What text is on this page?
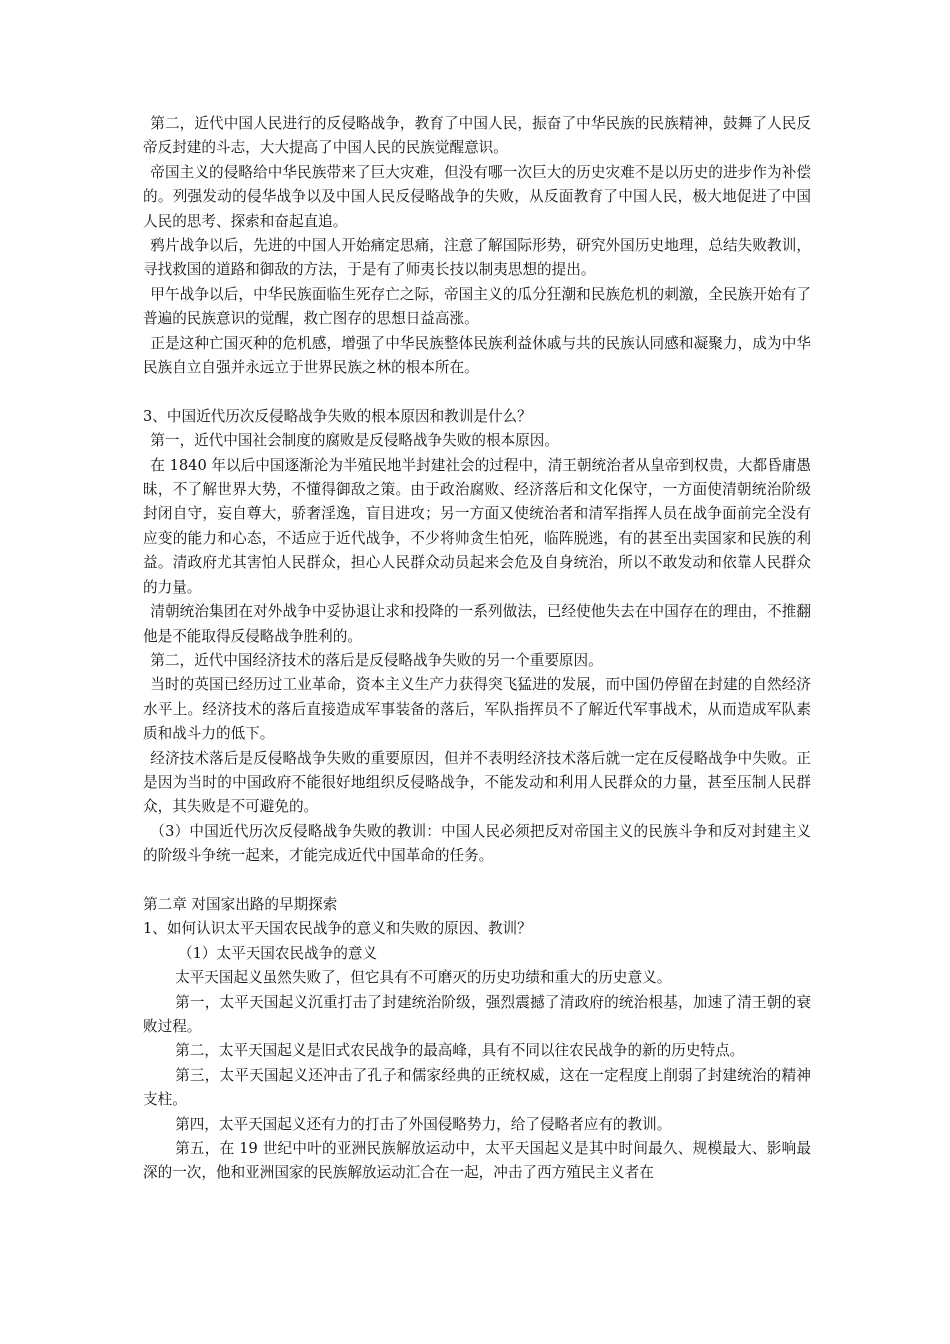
第二，近代中国人民进行的反侵略战争，教育了中国人民，振奋了中华民族的民族精神，鼓舞了人民反帝反封建的斗志，大大提高了中国人民的民族觉醒意识。

帝国主义的侵略给中华民族带来了巨大灾难，但没有哪一次巨大的历史灾难不是以历史的进步作为补偿的。列强发动的侵华战争以及中国人民反侵略战争的失败，从反面教育了中国人民，极大地促进了中国人民的思考、探索和奋起直追。

鸦片战争以后，先进的中国人开始痛定思痛，注意了解国际形势，研究外国历史地理，总结失败教训，寻找救国的道路和御敌的方法，于是有了师夷长技以制夷思想的提出。

甲午战争以后，中华民族面临生死存亡之际，帝国主义的瓜分狂潮和民族危机的刺激，全民族开始有了普遍的民族意识的觉醒，救亡图存的思想日益高涨。

正是这种亡国灭种的危机感，增强了中华民族整体民族利益休戚与共的民族认同感和凝聚力，成为中华民族自立自强并永远立于世界民族之林的根本所在。

3、中国近代历次反侵略战争失败的根本原因和教训是什么？

第一，近代中国社会制度的腐败是反侵略战争失败的根本原因。

在 1840 年以后中国逐渐沦为半殖民地半封建社会的过程中，清王朝统治者从皇帝到权贵，大都昏庸愚昧，不了解世界大势，不懂得御敌之策。由于政治腐败、经济落后和文化保守，一方面使清朝统治阶级封闭自守，妄自尊大，骄奢淫逸，盲目进攻；另一方面又使统治者和清军指挥人员在战争面前完全没有应变的能力和心态，不适应于近代战争，不少将帅贪生怕死，临阵脱逃，有的甚至出卖国家和民族的利益。清政府尤其害怕人民群众，担心人民群众动员起来会危及自身统治，所以不敢发动和依靠人民群众的力量。

清朝统治集团在对外战争中妥协退让求和投降的一系列做法，已经使他失去在中国存在的理由，不推翻他是不能取得反侵略战争胜利的。

第二，近代中国经济技术的落后是反侵略战争失败的另一个重要原因。

当时的英国已经历过工业革命，资本主义生产力获得突飞猛进的发展，而中国仍停留在封建的自然经济水平上。经济技术的落后直接造成军事装备的落后，军队指挥员不了解近代军事战术，从而造成军队素质和战斗力的低下。

经济技术落后是反侵略战争失败的重要原因，但并不表明经济技术落后就一定在反侵略战争中失败。正是因为当时的中国政府不能很好地组织反侵略战争，不能发动和利用人民群众的力量，甚至压制人民群众，其失败是不可避免的。

（3）中国近代历次反侵略战争失败的教训：中国人民必须把反对帝国主义的民族斗争和反对封建主义的阶级斗争统一起来，才能完成近代中国革命的任务。

第二章 对国家出路的早期探索

1、如何认识太平天国农民战争的意义和失败的原因、教训？

（1）太平天国农民战争的意义

太平天国起义虽然失败了，但它具有不可磨灭的历史功绩和重大的历史意义。

第一，太平天国起义沉重打击了封建统治阶级，强烈震撼了清政府的统治根基，加速了清王朝的衰败过程。

第二，太平天国起义是旧式农民战争的最高峰，具有不同以往农民战争的新的历史特点。

第三，太平天国起义还冲击了孔子和儒家经典的正统权威，这在一定程度上削弱了封建统治的精神支柱。

第四，太平天国起义还有力的打击了外国侵略势力，给了侵略者应有的教训。

第五，在 19 世纪中叶的亚洲民族解放运动中，太平天国起义是其中时间最久、规模最大、影响最深的一次，他和亚洲国家的民族解放运动汇合在一起，冲击了西方殖民主义者在
